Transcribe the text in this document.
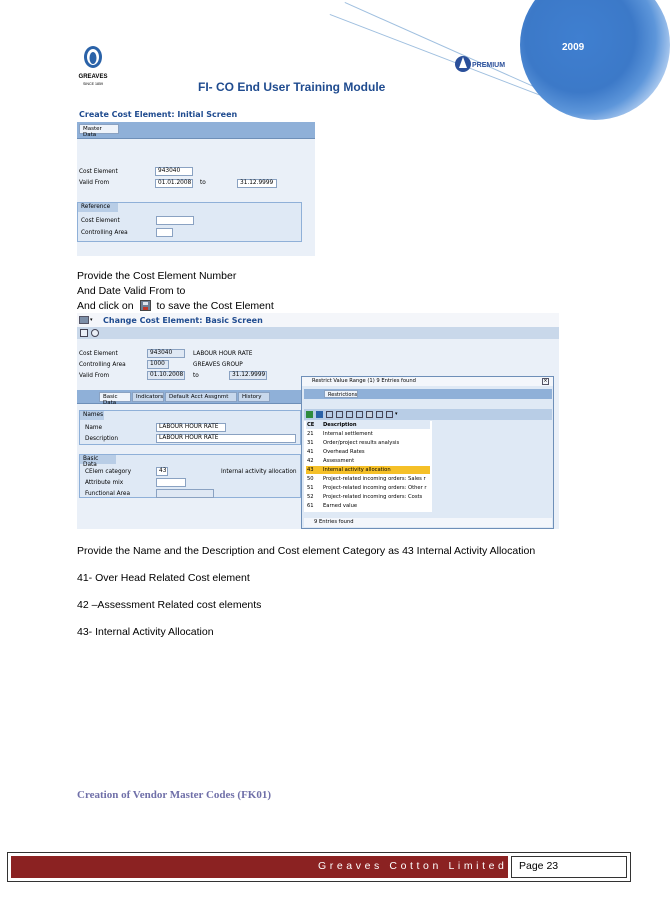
2009
GREAVES
SINCE 1859
PREMIUM
FI- CO End User Training Module
Create Cost Element: Initial Screen
Master Data
Cost Element	943040
Valid From	01.01.2008	to	31.12.9999
Reference
Cost Element
Controlling Area
Provide the Cost Element Number
And Date Valid From to
And click on to save the Cost Element
▾ Change Cost Element: Basic Screen
Cost Element	943040	LABOUR HOUR RATE
Controlling Area	1000	GREAVES GROUP
Valid From	01.10.2008	to	31.12.9999
Basic Data
Indicators	Default Acct Assgnmt	History
Names
Name	LABOUR HOUR RATE
Description	LABOUR HOUR RATE
Basic Data
CElem category	43	Internal activity allocation
Attribute mix
Functional Area
Restrict Value Range (1) 9 Entries found	×
Restrictions
▾
CE	Description
21	Internal settlement
31	Order/project results analysis
41	Overhead Rates
42	Assessment
43	Internal activity allocation
50	Project-related incoming orders: Sales r
51	Project-related incoming orders: Other r
52	Project-related incoming orders: Costs
61	Earned value
9 Entries found
Provide the Name and the Description and Cost element Category as 43 Internal Activity Allocation
41- Over Head Related Cost element
42 –Assessment Related cost elements
43- Internal Activity Allocation
Creation of Vendor Master Codes (FK01)
Greaves Cotton Limited Page 23
